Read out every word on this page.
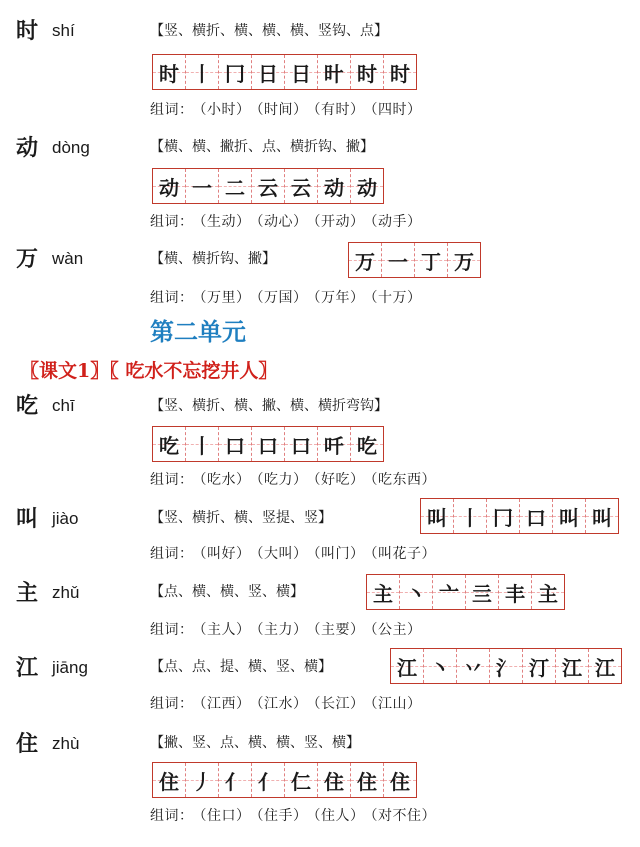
时 shí	【竖、横折、横、横、横、竖钩、点】
时 丨 冂 日 日 旪 时 时
组词： （小时） （时间） （有时） （四时）
动 dòng	【横、横、撇折、点、横折钩、撇】
动 一 二 云 云 动 动
组词： （生动） （动心） （开动） （动手）
万 wàn	【横、横折钩、撇】	万 一 丁 万
组词： （万里） （万国） （万年） （十万）
第二单元
〖课文1〗〖 吃水不忘挖井人〗
吃 chī	【竖、横折、横、撇、横、横折弯钩】
吃 丨 口 口 口 吀 吃
组词： （吃水） （吃力） （好吃） （吃东西）
叫 jiào	【竖、横折、横、竖提、竖】	叫 丨 冂 口 叫 叫
组词： （叫好） （大叫） （叫门） （叫花子）
主 zhǔ	【点、横、横、竖、横】	主 丶 亠 亖 丰 主
组词： （主人） （主力） （主要） （公主）
江 jiāng	【点、点、提、横、竖、横】	江 丶 丷 氵 汀 江 江
组词： （江西） （江水） （长江） （江山）
住 zhù	【撇、竖、点、横、横、竖、横】
住 丿 亻 亻 仁 住 住 住
组词： （住口） （住手） （住人） （对不住）
